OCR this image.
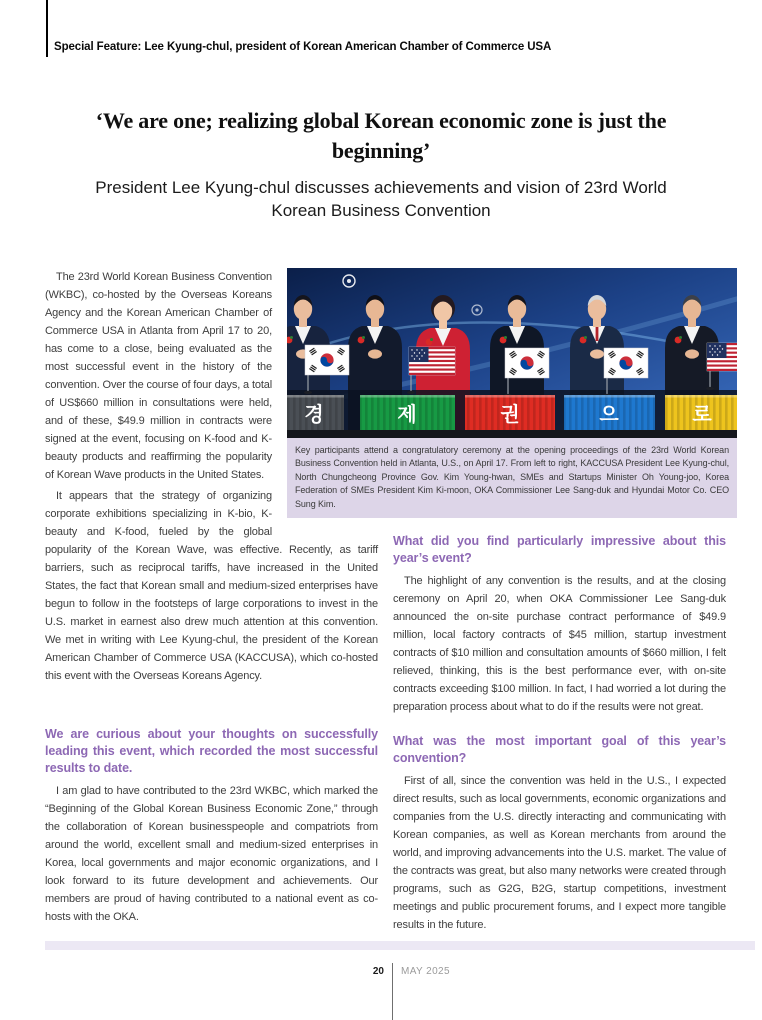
Special Feature: Lee Kyung-chul, president of Korean American Chamber of Commerce USA
‘We are one; realizing global Korean economic zone is just the beginning’
President Lee Kyung-chul discusses achievements and vision of 23rd World Korean Business Convention

The 23rd World Korean Business Convention (WKBC), co-hosted by the Overseas Koreans Agency and the Korean American Chamber of Commerce USA in Atlanta from April 17 to 20, has come to a close, being evaluated as the most successful event in the history of the convention. Over the course of four days, a total of US$660 million in consultations were held, and of these, $49.9 million in contracts were signed at the event, focusing on K-food and K-beauty products and reaffirming the popularity of Korean Wave products in the United States.

It appears that the strategy of organizing corporate exhibitions specializing in K-bio, K-beauty and K-food, fueled by the global popularity of the Korean Wave, was effective. Recently, as tariff barriers, such as reciprocal tariffs, have increased in the United States, the fact that Korean small and medium-sized enterprises have begun to follow in the footsteps of large corporations to invest in the U.S. market in earnest also drew much attention at this convention. We met in writing with Lee Kyung-chul, the president of the Korean American Chamber of Commerce USA (KACCUSA), which co-hosted this event with the Overseas Koreans Agency.

경	제	권	으	로
Key participants attend a congratulatory ceremony at the opening proceedings of the 23rd World Korean Business Convention held in Atlanta, U.S., on April 17. From left to right, KACCUSA President Lee Kyung-chul, North Chungcheong Province Gov. Kim Young-hwan, SMEs and Startups Minister Oh Young-joo, Korea Federation of SMEs President Kim Ki-moon, OKA Commissioner Lee Sang-duk and Hyundai Motor Co. CEO Sung Kim.
We are curious about your thoughts on successfully leading this event, which recorded the most successful results to date.

I am glad to have contributed to the 23rd WKBC, which marked the “Beginning of the Global Korean Business Economic Zone,” through the collaboration of Korean businesspeople and compatriots from around the world, excellent small and medium-sized enterprises in Korea, local governments and major economic organizations, and I look forward to its future development and achievements. Our members are proud of having contributed to a national event as co-hosts with the OKA.

What did you find particularly impressive about this year’s event?

The highlight of any convention is the results, and at the closing ceremony on April 20, when OKA Commissioner Lee Sang-duk announced the on-site purchase contract performance of $49.9 million, local factory contracts of $45 million, startup investment contracts of $10 million and consultation amounts of $660 million, I felt relieved, thinking, this is the best performance ever, with on-site contracts exceeding $100 million. In fact, I had worried a lot during the preparation process about what to do if the results were not great.

What was the most important goal of this year’s convention?

First of all, since the convention was held in the U.S., I expected direct results, such as local governments, economic organizations and companies from the U.S. directly interacting and communicating with Korean companies, as well as Korean merchants from around the world, and improving advancements into the U.S. market. The value of the contracts was great, but also many networks were created through programs, such as G2G, B2G, startup competitions, investment meetings and public procurement forums, and I expect more tangible results in the future.

20 MAY 2025
